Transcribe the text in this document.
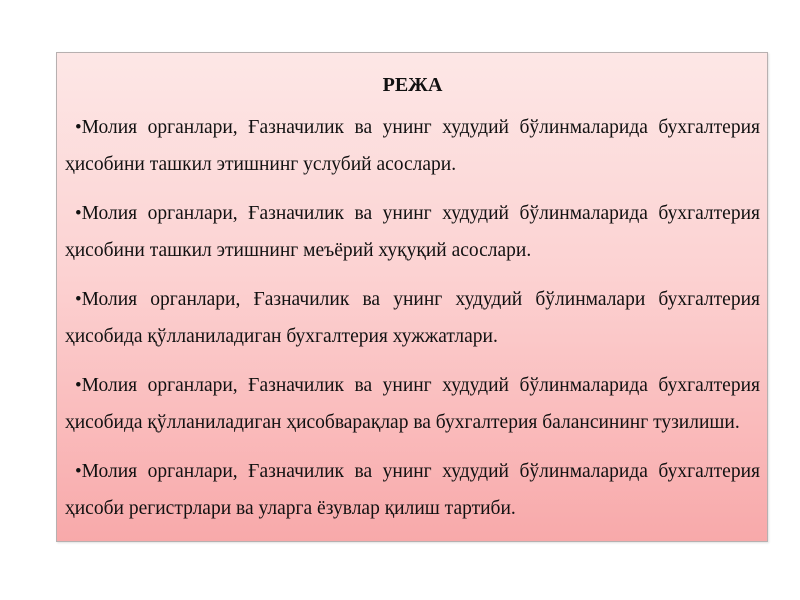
РЕЖА
•Молия органлари, Ғазначилик ва унинг худудий бўлинмаларида бухгалтерия ҳисобини ташкил этишнинг услубий асослари.
•Молия органлари, Ғазначилик ва унинг худудий бўлинмаларида бухгалтерия ҳисобини ташкил этишнинг меъёрий хуқуқий асослари.
•Молия органлари, Ғазначилик ва унинг худудий бўлинмалари бухгалтерия ҳисобида қўлланиладиган бухгалтерия хужжатлари.
•Молия органлари, Ғазначилик ва унинг худудий бўлинмаларида бухгалтерия ҳисобида қўлланиладиган ҳисобварақлар ва бухгалтерия балансининг тузилиши.
•Молия органлари, Ғазначилик ва унинг худудий бўлинмаларида бухгалтерия ҳисоби регистрлари ва уларга ёзувлар қилиш тартиби.
